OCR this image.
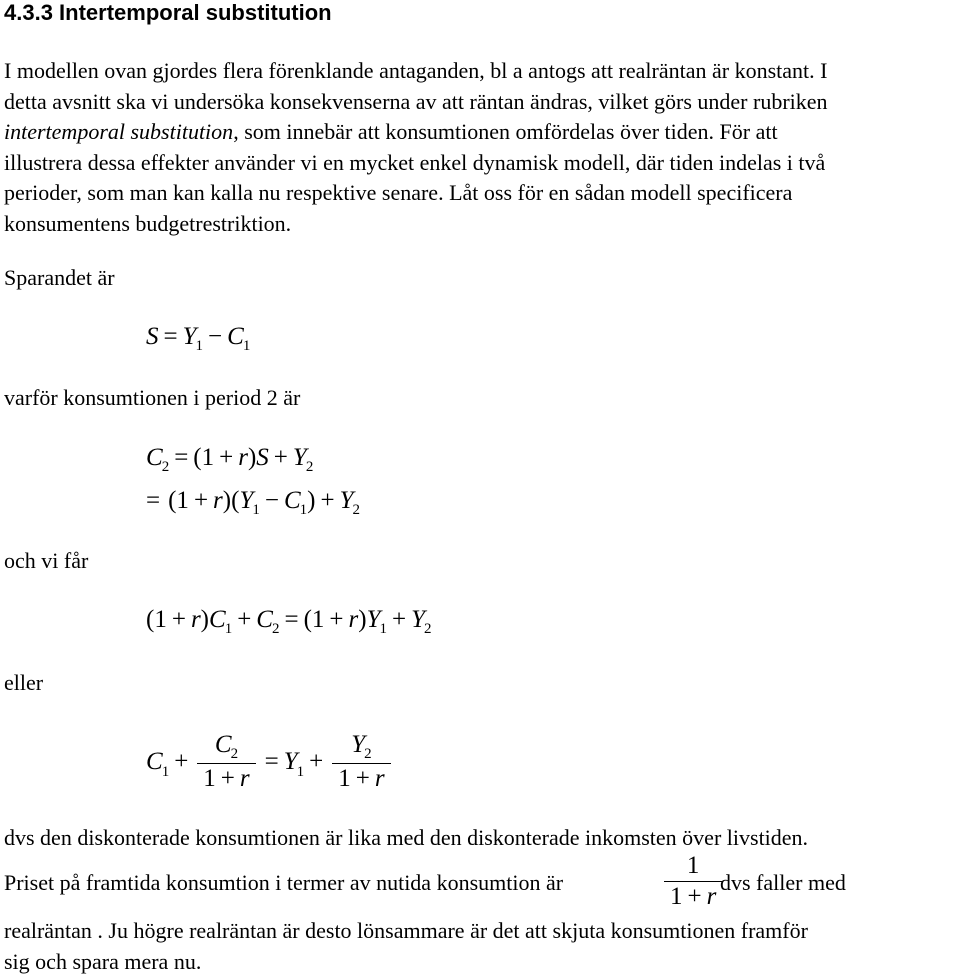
4.3.3 Intertemporal substitution
I modellen ovan gjordes flera förenklande antaganden, bl a antogs att realräntan är konstant. I
detta avsnitt ska vi undersöka konsekvenserna av att räntan ändras, vilket görs under rubriken
intertemporal substitution, som innebär att konsumtionen omfördelas över tiden. För att
illustrera dessa effekter använder vi en mycket enkel dynamisk modell, där tiden indelas i två
perioder, som man kan kalla nu respektive senare. Låt oss för en sådan modell specificera
konsumentens budgetrestriktion.
Sparandet är
$S = Y_1 - C_1$
varför konsumtionen i period 2 är
$C_2 = (1 + r)S + Y_2$
= $(1 + r)(Y_1 - C_1) + Y_2$
och vi får
$(1 + r)C_1 + C_2 = (1 + r)Y_1 + Y_2$
eller
$C_1 + \frac{C_2}{1 + r} = Y_1 + \frac{Y_2}{1 + r}$
dvs den diskonterade konsumtionen är lika med den diskonterade inkomsten över livstiden.
Priset på framtida konsumtion i termer av nutida konsumtion är	$\frac{1}{1 + r}$
dvs faller med
realräntan . Ju högre realräntan är desto lönsammare är det att skjuta konsumtionen framför
sig och spara mera nu.
